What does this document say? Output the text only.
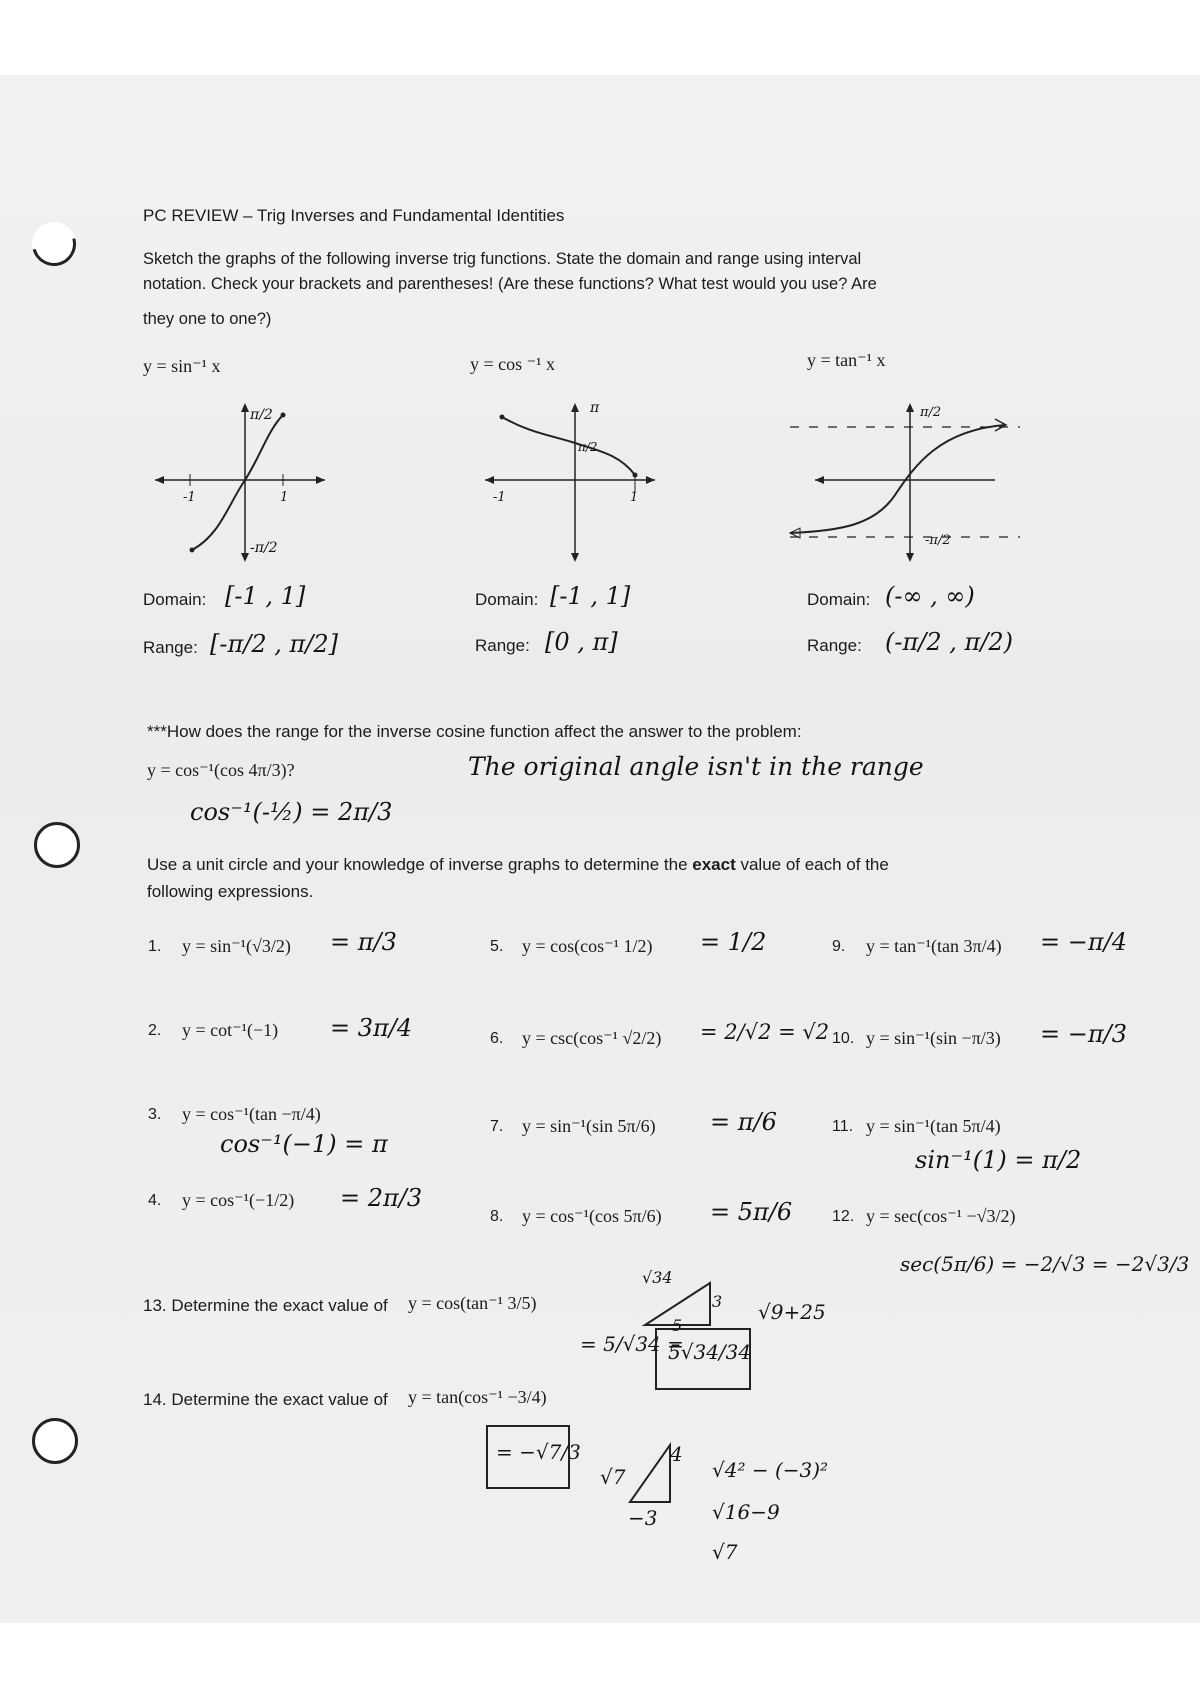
PC REVIEW – Trig Inverses and Fundamental Identities
Sketch the graphs of the following inverse trig functions. State the domain and range using interval
notation. Check your brackets and parentheses! (Are these functions? What test would you use? Are
they one to one?)
y = sin⁻¹ x	y = cos ⁻¹ x	y = tan⁻¹ x
π/2
-π/2
-1	1
π
π/2
-1	1
π/2
-π/2
Domain: [-1 , 1]
Range: [-π/2 , π/2]
Domain: [-1 , 1]
Range: [0 , π]
Domain: (-∞ , ∞)
Range: (-π/2 , π/2)
***How does the range for the inverse cosine function affect the answer to the problem:
y = cos⁻¹(cos 4π/3)?	The original angle isn't in the range
cos⁻¹(-½) = 2π/3
Use a unit circle and your knowledge of inverse graphs to determine the exact value of each of the
following expressions.
1. y = sin⁻¹(√3/2) = π/3
2. y = cot⁻¹(−1) = 3π/4
3. y = cos⁻¹(tan −π/4)
cos⁻¹(−1) = π
4. y = cos⁻¹(−1/2) = 2π/3
5. y = cos(cos⁻¹ 1/2) = 1/2
6. y = csc(cos⁻¹ √2/2) = 2/√2 = √2
7. y = sin⁻¹(sin 5π/6) = π/6
8. y = cos⁻¹(cos 5π/6) = 5π/6
9. y = tan⁻¹(tan 3π/4) = −π/4
10. y = sin⁻¹(sin −π/3) = −π/3
11. y = sin⁻¹(tan 5π/4)
sin⁻¹(1) = π/2
12. y = sec(cos⁻¹ −√3/2)
sec(5π/6) = −2/√3 = −2√3/3
13. Determine the exact value of y = cos(tan⁻¹ 3/5)
= 5/√34 =
5√34/34
√34
3
5
√9+25
14. Determine the exact value of y = tan(cos⁻¹ −3/4)
= −√7/3
√7
4
−3
√4² − (−3)²
√16−9
√7
